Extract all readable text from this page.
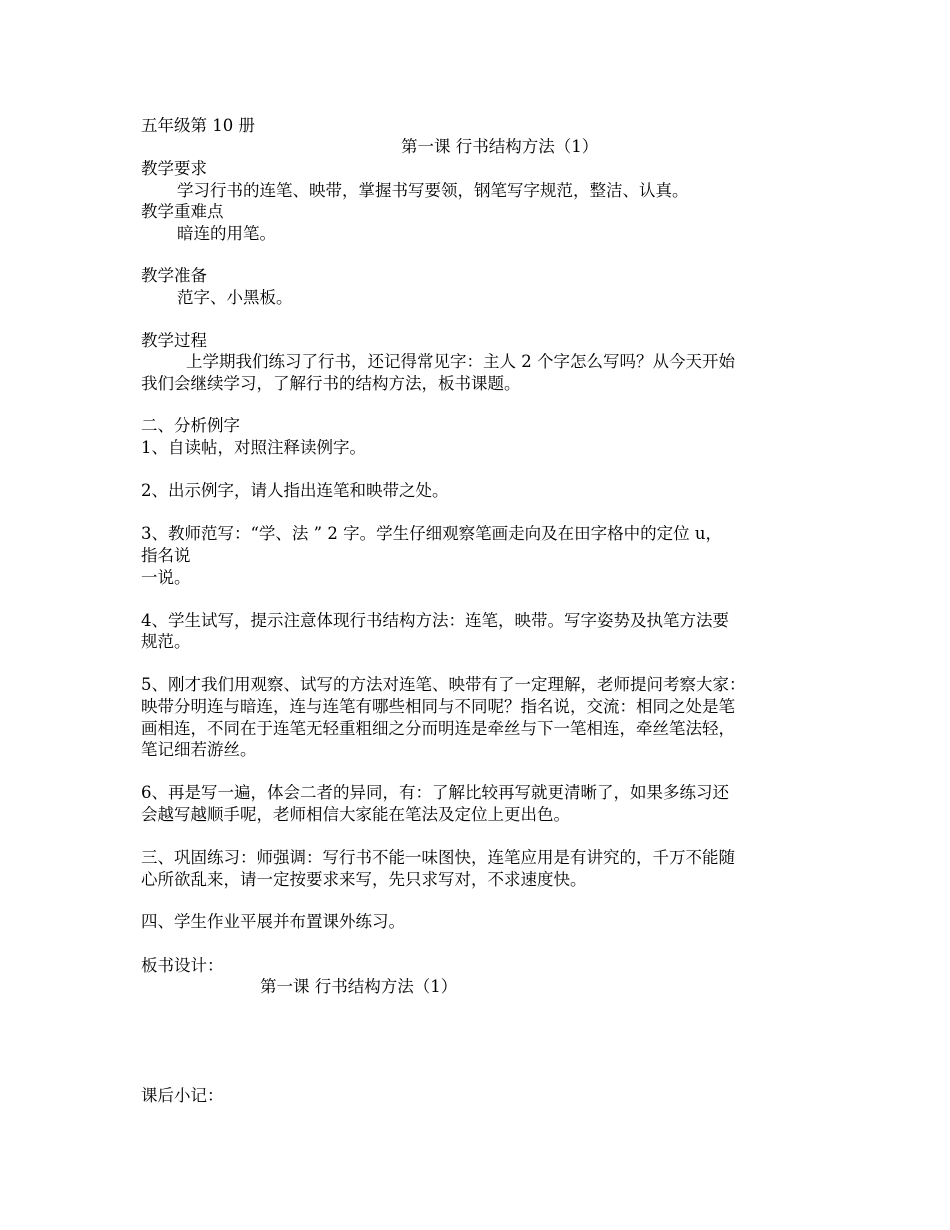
五年级第 10 册
第一课 行书结构方法（1）
教学要求
学习行书的连笔、映带，掌握书写要领，钢笔写字规范，整洁、认真。
教学重难点
暗连的用笔。
教学准备
范字、小黑板。
教学过程
上学期我们练习了行书，还记得常见字：主人 2 个字怎么写吗？从今天开始
我们会继续学习，了解行书的结构方法，板书课题。
二、分析例字
1、自读帖，对照注释读例字。
2、出示例字，请人指出连笔和映带之处。
3、教师范写：“学、法 ” 2 字。学生仔细观察笔画走向及在田字格中的定位 u，
指名说
一说。
4、学生试写，提示注意体现行书结构方法：连笔，映带。写字姿势及执笔方法要
规范。
5、刚才我们用观察、试写的方法对连笔、映带有了一定理解，老师提问考察大家：
映带分明连与暗连，连与连笔有哪些相同与不同呢？指名说，交流：相同之处是笔
画相连，不同在于连笔无轻重粗细之分而明连是牵丝与下一笔相连，牵丝笔法轻，
笔记细若游丝。
6、再是写一遍，体会二者的异同，有：了解比较再写就更清晰了，如果多练习还
会越写越顺手呢，老师相信大家能在笔法及定位上更出色。
三、巩固练习：师强调：写行书不能一味图快，连笔应用是有讲究的，千万不能随
心所欲乱来，请一定按要求来写，先只求写对，不求速度快。
四、学生作业平展并布置课外练习。
板书设计：
第一课 行书结构方法（1）
课后小记：
